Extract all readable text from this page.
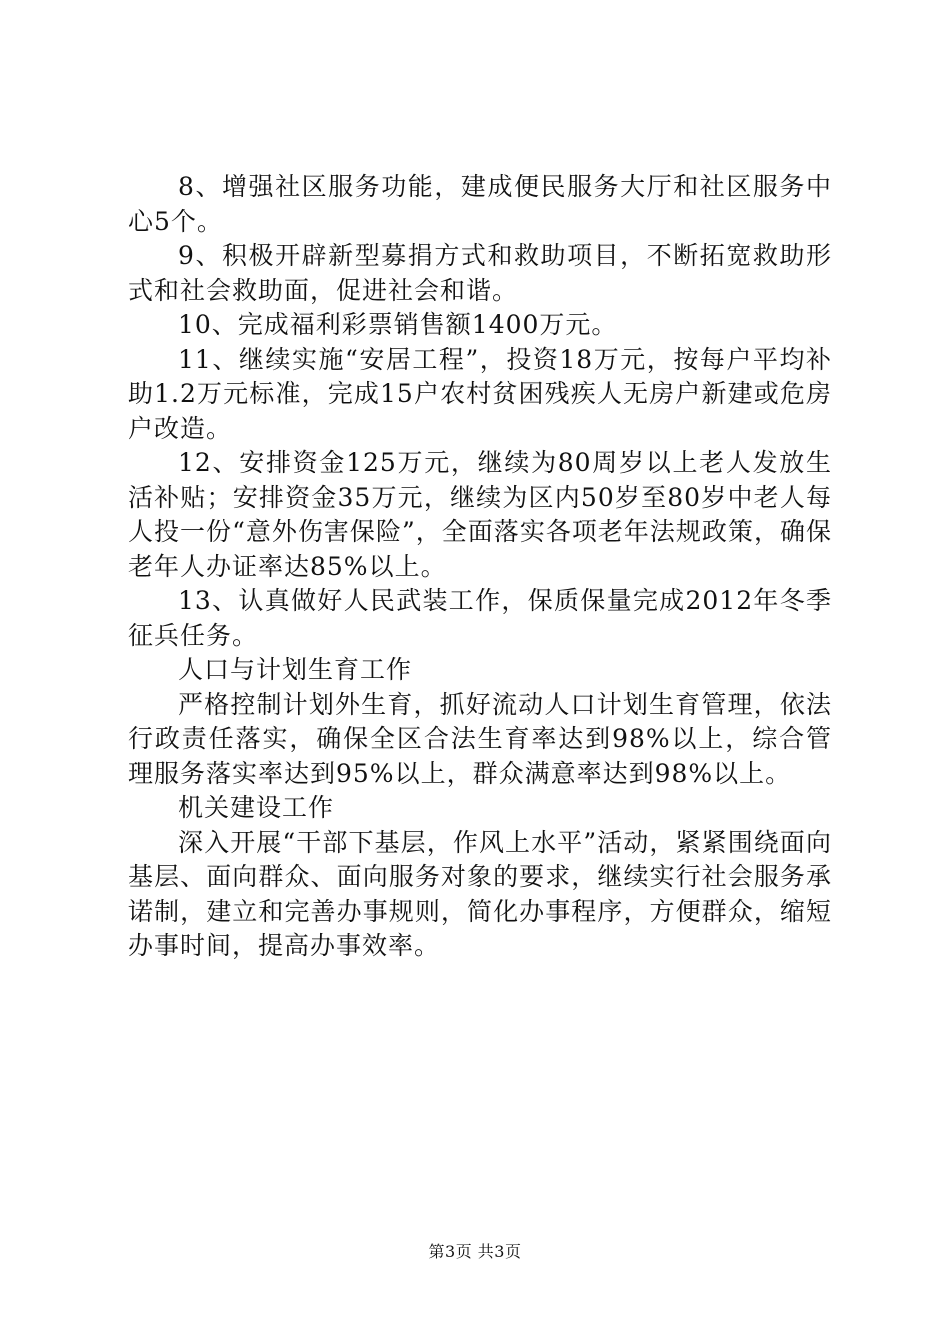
8、增强社区服务功能，建成便民服务大厅和社区服务中心5个。

9、积极开辟新型募捐方式和救助项目，不断拓宽救助形式和社会救助面，促进社会和谐。

10、完成福利彩票销售额1400万元。

11、继续实施“安居工程”，投资18万元，按每户平均补助1.2万元标准，完成15户农村贫困残疾人无房户新建或危房户改造。

12、安排资金125万元，继续为80周岁以上老人发放生活补贴；安排资金35万元，继续为区内50岁至80岁中老人每人投一份“意外伤害保险”，全面落实各项老年法规政策，确保老年人办证率达85%以上。

13、认真做好人民武装工作，保质保量完成2012年冬季征兵任务。

人口与计划生育工作

严格控制计划外生育，抓好流动人口计划生育管理，依法行政责任落实，确保全区合法生育率达到98%以上，综合管理服务落实率达到95%以上，群众满意率达到98%以上。

机关建设工作

深入开展“干部下基层，作风上水平”活动，紧紧围绕面向基层、面向群众、面向服务对象的要求，继续实行社会服务承诺制，建立和完善办事规则，简化办事程序，方便群众，缩短办事时间，提高办事效率。

第3页 共3页
